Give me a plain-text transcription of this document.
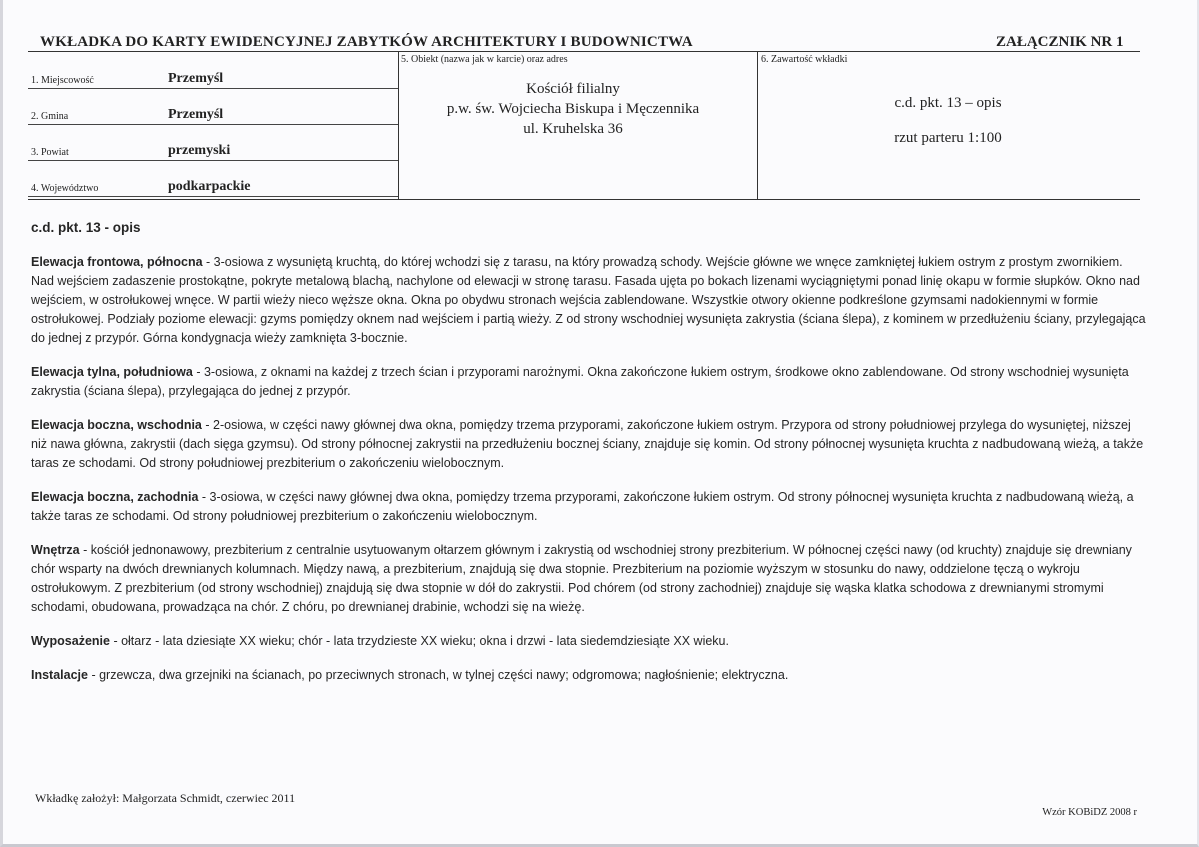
WKŁADKA DO KARTY EWIDENCYJNEJ ZABYTKÓW ARCHITEKTURY I BUDOWNICTWA	ZAŁĄCZNIK NR 1
1. Miejscowość	Przemyśl
2. Gmina	Przemyśl
3. Powiat	przemyski
4. Województwo	podkarpackie
5. Obiekt (nazwa jak w karcie) oraz adres
Kościół filialny
p.w. św. Wojciecha Biskupa i Męczennika
ul. Kruhelska 36
6. Zawartość wkładki
c.d. pkt. 13 – opis
rzut parteru 1:100
c.d. pkt. 13 - opis

Elewacja frontowa, północna - 3-osiowa z wysuniętą kruchtą, do której wchodzi się z tarasu, na który prowadzą schody. Wejście główne we wnęce zamkniętej łukiem ostrym z prostym zwornikiem. Nad wejściem zadaszenie prostokątne, pokryte metalową blachą, nachylone od elewacji w stronę tarasu. Fasada ujęta po bokach lizenami wyciągniętymi ponad linię okapu w formie słupków. Okno nad wejściem, w ostrołukowej wnęce. W partii wieży nieco węższe okna. Okna po obydwu stronach wejścia zablendowane. Wszystkie otwory okienne podkreślone gzymsami nadokiennymi w formie ostrołukowej. Podziały poziome elewacji: gzyms pomiędzy oknem nad wejściem i partią wieży. Z od strony wschodniej wysunięta zakrystia (ściana ślepa), z kominem w przedłużeniu ściany, przylegająca do jednej z przypór. Górna kondygnacja wieży zamknięta 3-bocznie.

Elewacja tylna, południowa - 3-osiowa, z oknami na każdej z trzech ścian i przyporami narożnymi. Okna zakończone łukiem ostrym, środkowe okno zablendowane. Od strony wschodniej wysunięta zakrystia (ściana ślepa), przylegająca do jednej z przypór.

Elewacja boczna, wschodnia - 2-osiowa, w części nawy głównej dwa okna, pomiędzy trzema przyporami, zakończone łukiem ostrym. Przypora od strony południowej przylega do wysuniętej, niższej niż nawa główna, zakrystii (dach sięga gzymsu). Od strony północnej zakrystii na przedłużeniu bocznej ściany, znajduje się komin. Od strony północnej wysunięta kruchta z nadbudowaną wieżą, a także taras ze schodami. Od strony południowej prezbiterium o zakończeniu wielobocznym.

Elewacja boczna, zachodnia - 3-osiowa, w części nawy głównej dwa okna, pomiędzy trzema przyporami, zakończone łukiem ostrym. Od strony północnej wysunięta kruchta z nadbudowaną wieżą, a także taras ze schodami. Od strony południowej prezbiterium o zakończeniu wielobocznym.

Wnętrza - kościół jednonawowy, prezbiterium z centralnie usytuowanym ołtarzem głównym i zakrystią od wschodniej strony prezbiterium. W północnej części nawy (od kruchty) znajduje się drewniany chór wsparty na dwóch drewnianych kolumnach. Między nawą, a prezbiterium, znajdują się dwa stopnie. Prezbiterium na poziomie wyższym w stosunku do nawy, oddzielone tęczą o wykroju ostrołukowym. Z prezbiterium (od strony wschodniej) znajdują się dwa stopnie w dół do zakrystii. Pod chórem (od strony zachodniej) znajduje się wąska klatka schodowa z drewnianymi stromymi schodami, obudowana, prowadząca na chór. Z chóru, po drewnianej drabinie, wchodzi się na wieżę.

Wyposażenie - ołtarz - lata dziesiąte XX wieku; chór - lata trzydzieste XX wieku; okna i drzwi - lata siedemdziesiąte XX wieku.

Instalacje - grzewcza, dwa grzejniki na ścianach, po przeciwnych stronach, w tylnej części nawy; odgromowa; nagłośnienie; elektryczna.

Wkładkę założył: Małgorzata Schmidt, czerwiec 2011
Wzór KOBiDZ 2008 r
